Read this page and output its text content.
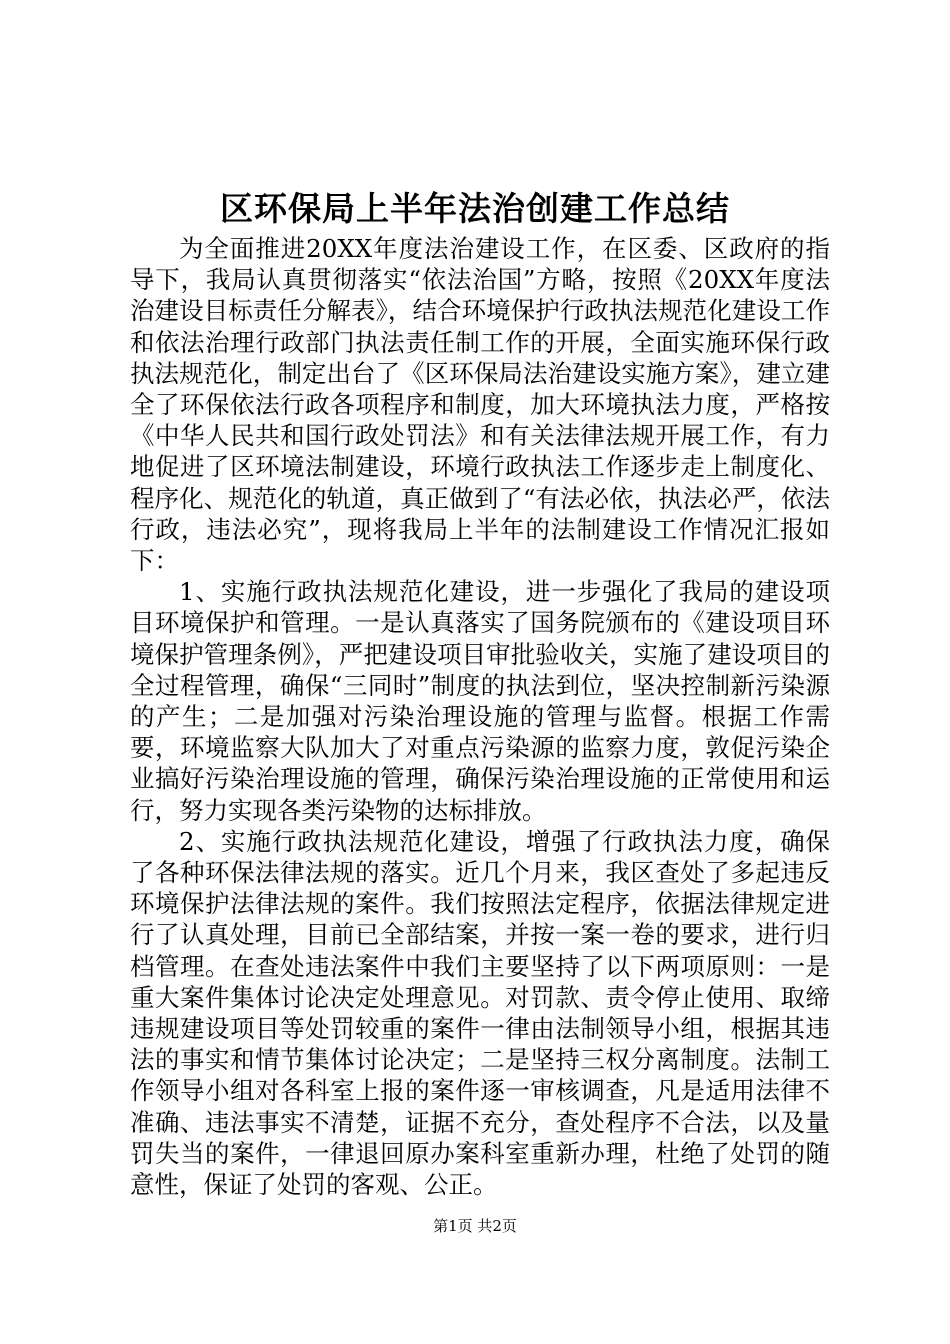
区环保局上半年法治创建工作总结

为全面推进20XX年度法治建设工作，在区委、区政府的指导下，我局认真贯彻落实“依法治国”方略，按照《20XX年度法治建设目标责任分解表》，结合环境保护行政执法规范化建设工作和依法治理行政部门执法责任制工作的开展，全面实施环保行政执法规范化，制定出台了《区环保局法治建设实施方案》，建立建全了环保依法行政各项程序和制度，加大环境执法力度，严格按《中华人民共和国行政处罚法》和有关法律法规开展工作，有力地促进了区环境法制建设，环境行政执法工作逐步走上制度化、程序化、规范化的轨道，真正做到了“有法必依，执法必严，依法行政，违法必究”，现将我局上半年的法制建设工作情况汇报如下：

1、实施行政执法规范化建设，进一步强化了我局的建设项目环境保护和管理。一是认真落实了国务院颁布的《建设项目环境保护管理条例》，严把建设项目审批验收关，实施了建设项目的全过程管理，确保“三同时”制度的执法到位，坚决控制新污染源的产生；二是加强对污染治理设施的管理与监督。根据工作需要，环境监察大队加大了对重点污染源的监察力度，敦促污染企业搞好污染治理设施的管理，确保污染治理设施的正常使用和运行，努力实现各类污染物的达标排放。

2、实施行政执法规范化建设，增强了行政执法力度，确保了各种环保法律法规的落实。近几个月来，我区查处了多起违反环境保护法律法规的案件。我们按照法定程序，依据法律规定进行了认真处理，目前已全部结案，并按一案一卷的要求，进行归档管理。在查处违法案件中我们主要坚持了以下两项原则：一是重大案件集体讨论决定处理意见。对罚款、责令停止使用、取缔违规建设项目等处罚较重的案件一律由法制领导小组，根据其违法的事实和情节集体讨论决定；二是坚持三权分离制度。法制工作领导小组对各科室上报的案件逐一审核调查，凡是适用法律不准确、违法事实不清楚，证据不充分，查处程序不合法，以及量罚失当的案件，一律退回原办案科室重新办理，杜绝了处罚的随意性，保证了处罚的客观、公正。

第1页 共2页
